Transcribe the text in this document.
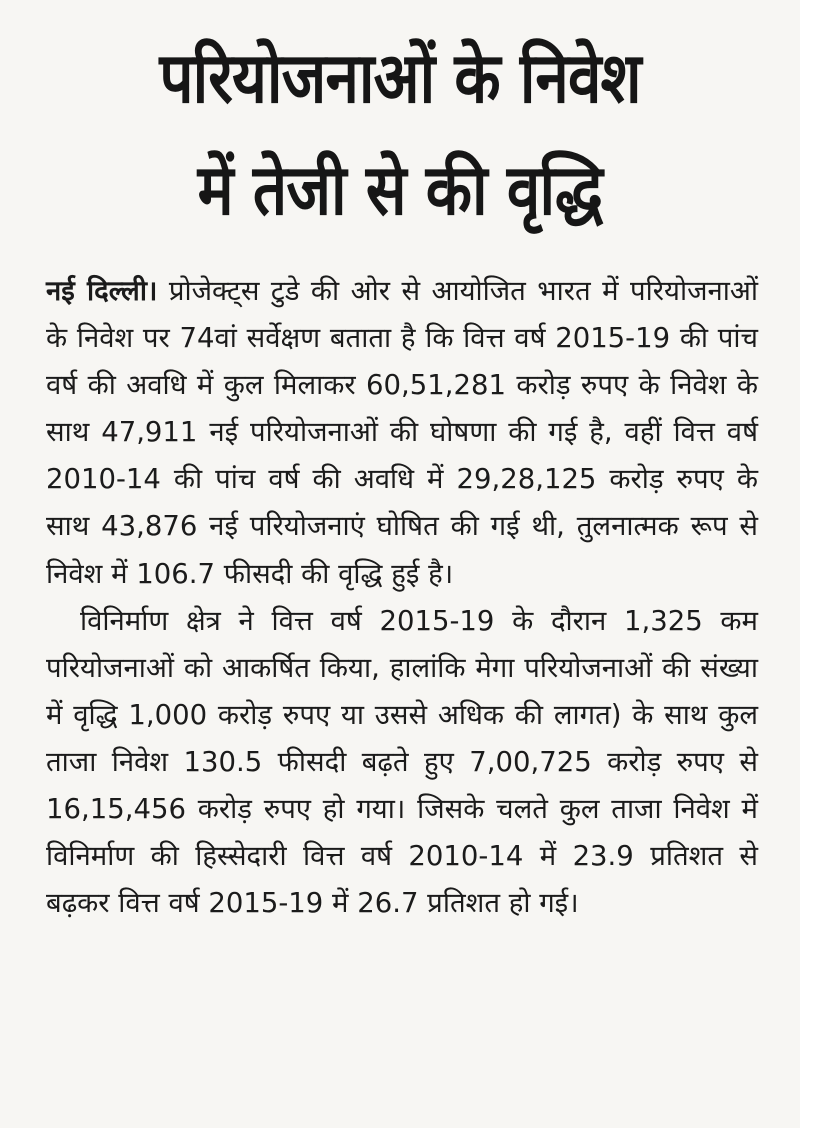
परियोजनाओं के निवेश
में तेजी से की वृद्धि

नई दिल्ली। प्रोजेक्ट्स टुडे की ओर से आयोजित भारत में परियोजनाओं के निवेश पर 74वां सर्वेक्षण बताता है कि वित्त वर्ष 2015-19 की पांच वर्ष की अवधि में कुल मिलाकर 60,51,281 करोड़ रुपए के निवेश के साथ 47,911 नई परियोजनाओं की घोषणा की गई है, वहीं वित्त वर्ष 2010-14 की पांच वर्ष की अवधि में 29,28,125 करोड़ रुपए के साथ 43,876 नई परियोजनाएं घोषित की गई थी, तुलनात्मक रूप से निवेश में 106.7 फीसदी की वृद्धि हुई है।

विनिर्माण क्षेत्र ने वित्त वर्ष 2015-19 के दौरान 1,325 कम परियोजनाओं को आकर्षित किया, हालांकि मेगा परियोजनाओं की संख्या में वृद्धि 1,000 करोड़ रुपए या उससे अधिक की लागत) के साथ कुल ताजा निवेश 130.5 फीसदी बढ़ते हुए 7,00,725 करोड़ रुपए से 16,15,456 करोड़ रुपए हो गया। जिसके चलते कुल ताजा निवेश में विनिर्माण की हिस्सेदारी वित्त वर्ष 2010-14 में 23.9 प्रतिशत से बढ़कर वित्त वर्ष 2015-19 में 26.7 प्रतिशत हो गई।
